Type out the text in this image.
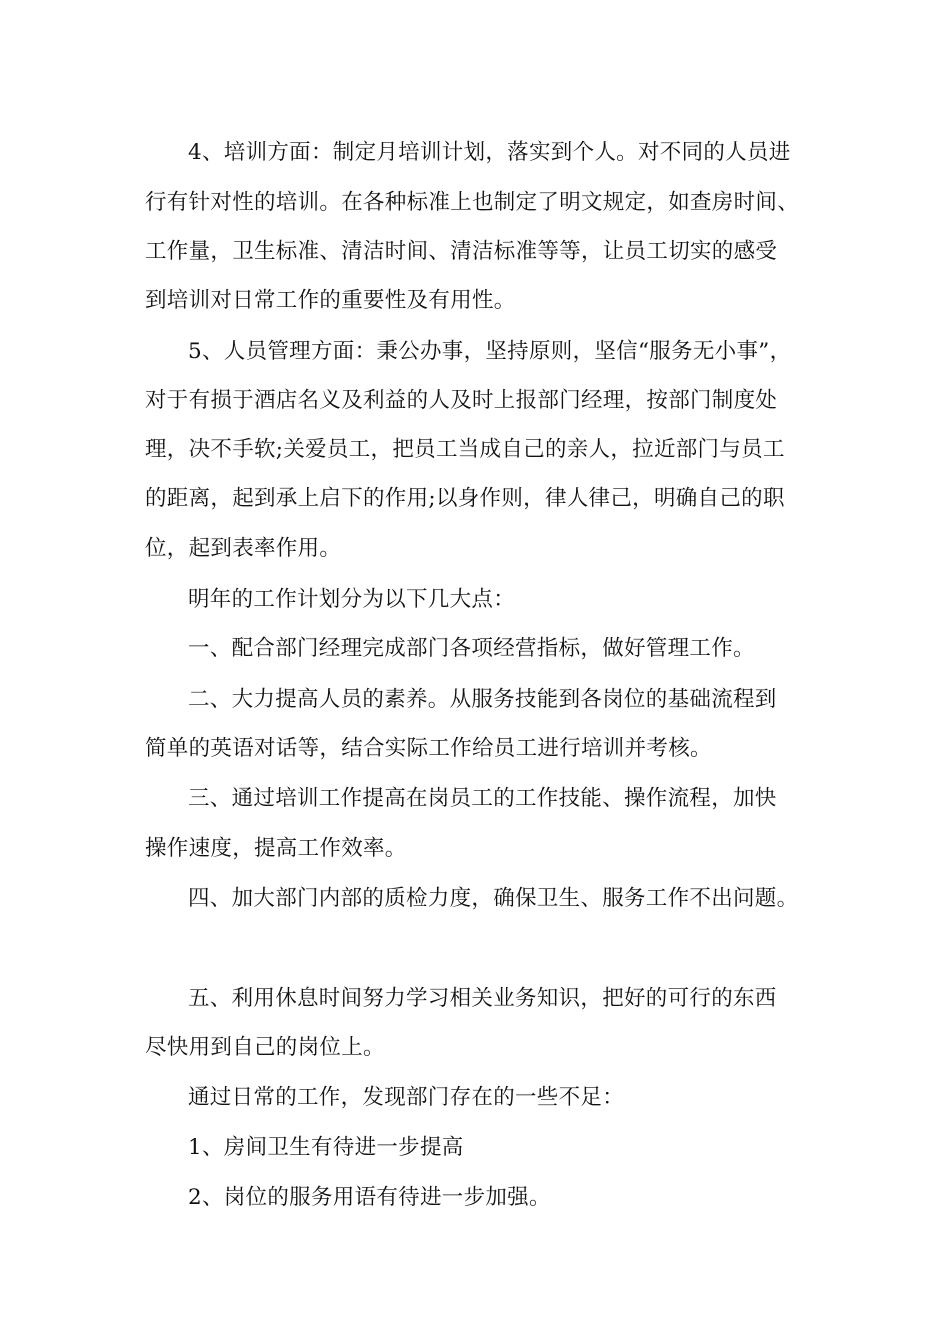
4、培训方面：制定月培训计划，落实到个人。对不同的人员进
行有针对性的培训。在各种标准上也制定了明文规定，如查房时间、
工作量，卫生标准、清洁时间、清洁标准等等，让员工切实的感受
到培训对日常工作的重要性及有用性。
5、人员管理方面：秉公办事，坚持原则，坚信“服务无小事”，
对于有损于酒店名义及利益的人及时上报部门经理，按部门制度处
理，决不手软;关爱员工，把员工当成自己的亲人，拉近部门与员工
的距离，起到承上启下的作用;以身作则，律人律己，明确自己的职
位，起到表率作用。
明年的工作计划分为以下几大点：
一、配合部门经理完成部门各项经营指标，做好管理工作。
二、大力提高人员的素养。从服务技能到各岗位的基础流程到
简单的英语对话等，结合实际工作给员工进行培训并考核。
三、通过培训工作提高在岗员工的工作技能、操作流程，加快
操作速度，提高工作效率。
四、加大部门内部的质检力度，确保卫生、服务工作不出问题。
五、利用休息时间努力学习相关业务知识，把好的可行的东西
尽快用到自己的岗位上。
通过日常的工作，发现部门存在的一些不足：
1、房间卫生有待进一步提高
2、岗位的服务用语有待进一步加强。
